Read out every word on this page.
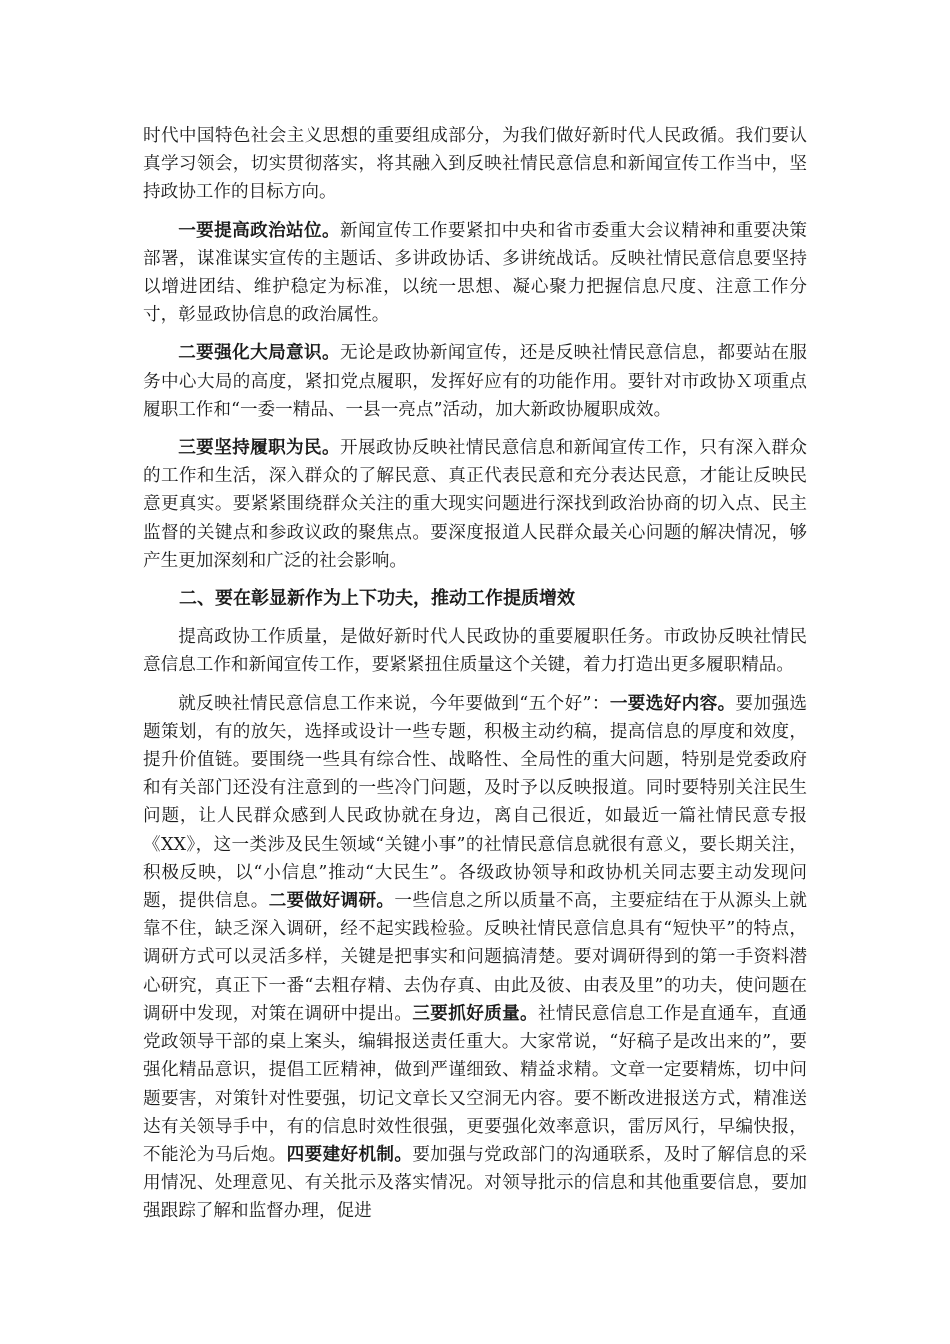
时代中国特色社会主义思想的重要组成部分，为我们做好新时代人民政循。我们要认真学习领会，切实贯彻落实，将其融入到反映社情民意信息和新闻宣传工作当中，坚持政协工作的目标方向。

一要提高政治站位。新闻宣传工作要紧扣中央和省市委重大会议精神和重要决策部署，谋准谋实宣传的主题话、多讲政协话、多讲统战话。反映社情民意信息要坚持以增进团结、维护稳定为标准，以统一思想、凝心聚力把握信息尺度、注意工作分寸，彰显政协信息的政治属性。

二要强化大局意识。无论是政协新闻宣传，还是反映社情民意信息，都要站在服务中心大局的高度，紧扣党点履职，发挥好应有的功能作用。要针对市政协Ｘ项重点履职工作和“一委一精品、一县一亮点”活动，加大新政协履职成效。

三要坚持履职为民。开展政协反映社情民意信息和新闻宣传工作，只有深入群众的工作和生活，深入群众的了解民意、真正代表民意和充分表达民意，才能让反映民意更真实。要紧紧围绕群众关注的重大现实问题进行深找到政治协商的切入点、民主监督的关键点和参政议政的聚焦点。要深度报道人民群众最关心问题的解决情况，够产生更加深刻和广泛的社会影响。

二、要在彰显新作为上下功夫，推动工作提质增效

提高政协工作质量，是做好新时代人民政协的重要履职任务。市政协反映社情民意信息工作和新闻宣传工作，要紧紧扭住质量这个关键，着力打造出更多履职精品。

就反映社情民意信息工作来说，今年要做到“五个好”：一要选好内容。要加强选题策划，有的放矢，选择或设计一些专题，积极主动约稿，提高信息的厚度和效度，提升价值链。要围绕一些具有综合性、战略性、全局性的重大问题，特别是党委政府和有关部门还没有注意到的一些冷门问题，及时予以反映报道。同时要特别关注民生问题，让人民群众感到人民政协就在身边，离自己很近，如最近一篇社情民意专报《XX》，这一类涉及民生领域“关键小事”的社情民意信息就很有意义，要长期关注，积极反映，以“小信息”推动“大民生”。各级政协领导和政协机关同志要主动发现问题，提供信息。二要做好调研。一些信息之所以质量不高，主要症结在于从源头上就靠不住，缺乏深入调研，经不起实践检验。反映社情民意信息具有“短快平”的特点，调研方式可以灵活多样，关键是把事实和问题搞清楚。要对调研得到的第一手资料潜心研究，真正下一番“去粗存精、去伪存真、由此及彼、由表及里”的功夫，使问题在调研中发现，对策在调研中提出。三要抓好质量。社情民意信息工作是直通车，直通党政领导干部的桌上案头，编辑报送责任重大。大家常说，“好稿子是改出来的”，要强化精品意识，提倡工匠精神，做到严谨细致、精益求精。文章一定要精炼，切中问题要害，对策针对性要强，切记文章长又空洞无内容。要不断改进报送方式，精准送达有关领导手中，有的信息时效性很强，更要强化效率意识，雷厉风行，早编快报，不能沦为马后炮。四要建好机制。要加强与党政部门的沟通联系，及时了解信息的采用情况、处理意见、有关批示及落实情况。对领导批示的信息和其他重要信息，要加强跟踪了解和监督办理，促进
